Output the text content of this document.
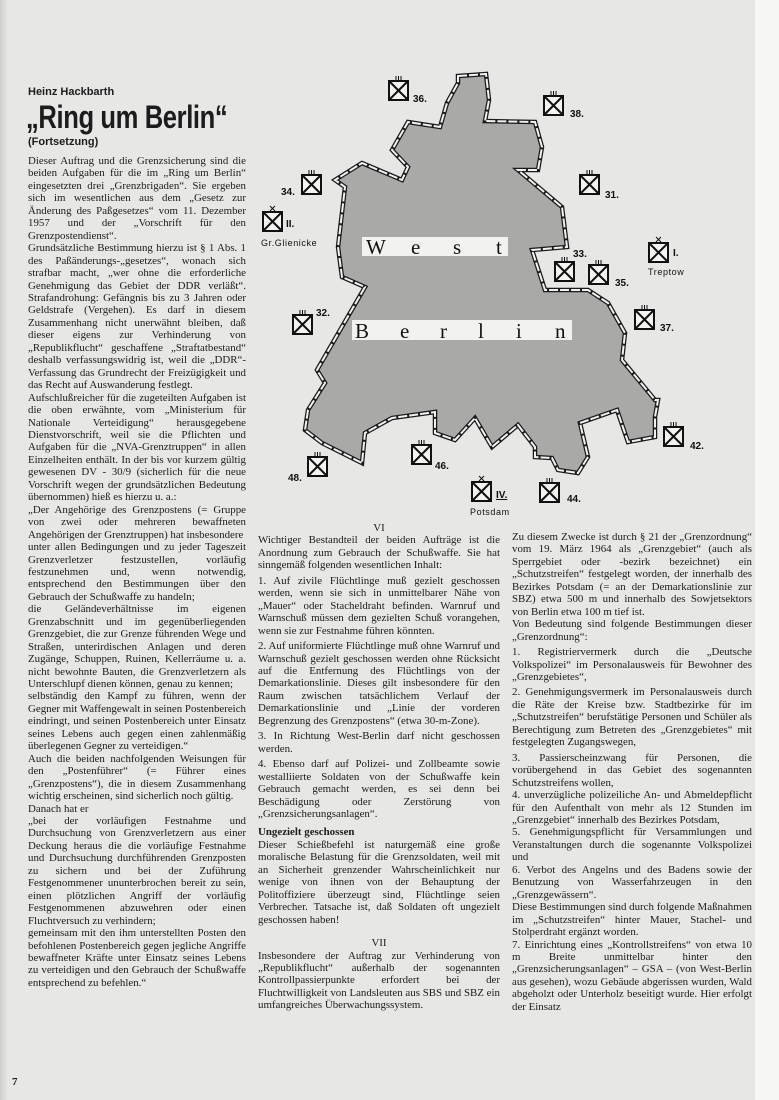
Heinz Hackbarth
„Ring um Berlin“
(Fortsetzung)
W e s t
B e r l i n
36.
38.
34.
II.
Gr.Glienicke
31.
33.
35.
I.
Treptow
37.
32.
42.
48.
46.
IV.	44.
Potsdam

Dieser Auftrag und die Grenzsicherung sind die beiden Aufgaben für die im „Ring um Berlin“ eingesetzten drei „Grenzbrigaden“. Sie ergeben sich im wesentlichen aus dem „Gesetz zur Änderung des Paßgesetzes“ vom 11. Dezember 1957 und der „Vorschrift für den Grenzpostendienst“.

Grundsätzliche Bestimmung hierzu ist § 1 Abs. 1 des Paßänderungs-„gesetzes“, wonach sich strafbar macht, „wer ohne die erforderliche Genehmigung das Gebiet der DDR verläßt“. Strafandrohung: Gefängnis bis zu 3 Jahren oder Geldstrafe (Vergehen). Es darf in diesem Zusammenhang nicht unerwähnt bleiben, daß dieser eigens zur Verhinderung von „Republikflucht“ geschaffene „Straftatbestand“ deshalb verfassungswidrig ist, weil die „DDR“-Verfassung das Grundrecht der Freizügigkeit und das Recht auf Auswanderung festlegt.

Aufschlußreicher für die zugeteilten Aufgaben ist die oben erwähnte, vom „Ministerium für Nationale Verteidigung“ herausgegebene Dienstvorschrift, weil sie die Pflichten und Aufgaben für die „NVA-Grenztruppen“ in allen Einzelheiten enthält. In der bis vor kurzem gültig gewesenen DV - 30/9 (sicherlich für die neue Vorschrift wegen der grundsätzlichen Bedeutung übernommen) hieß es hierzu u. a.:

„Der Angehörige des Grenzpostens (= Gruppe von zwei oder mehreren bewaffneten Angehörigen der Grenztruppen) hat insbesondere

unter allen Bedingungen und zu jeder Tageszeit Grenzverletzer festzustellen, vorläufig festzunehmen und, wenn notwendig, entsprechend den Bestimmungen über den Gebrauch der Schußwaffe zu handeln;

die Geländeverhältnisse im eigenen Grenzabschnitt und im gegenüberliegenden Grenzgebiet, die zur Grenze führenden Wege und Straßen, unterirdischen Anlagen und deren Zugänge, Schuppen, Ruinen, Kellerräume u. a. nicht bewohnte Bauten, die Grenzverletzern als Unterschlupf dienen können, genau zu kennen;

selbständig den Kampf zu führen, wenn der Gegner mit Waffengewalt in seinen Postenbereich eindringt, und seinen Postenbereich unter Einsatz seines Lebens auch gegen einen zahlenmäßig überlegenen Gegner zu verteidigen.“

Auch die beiden nachfolgenden Weisungen für den „Postenführer“ (= Führer eines „Grenzpostens“), die in diesem Zusammenhang wichtig erscheinen, sind sicherlich noch gültig.

Danach hat er

„bei der vorläufigen Festnahme und Durchsuchung von Grenzverletzern aus einer Deckung heraus die die vorläufige Festnahme und Durchsuchung durchführenden Grenzposten zu sichern und bei der Zuführung Festgenommener ununterbrochen bereit zu sein, einen plötzlichen Angriff der vorläufig Festgenommenen abzuwehren oder einen Fluchtversuch zu verhindern;

gemeinsam mit den ihm unterstellten Posten den befohlenen Postenbereich gegen jegliche Angriffe bewaffneter Kräfte unter Einsatz seines Lebens zu verteidigen und den Gebrauch der Schußwaffe entsprechend zu befehlen.“

VI

Wichtiger Bestandteil der beiden Aufträge ist die Anordnung zum Gebrauch der Schußwaffe. Sie hat sinngemäß folgenden wesentlichen Inhalt:

1. Auf zivile Flüchtlinge muß gezielt geschossen werden, wenn sie sich in unmittelbarer Nähe von „Mauer“ oder Stacheldraht befinden. Warnruf und Warnschuß müssen dem gezielten Schuß vorangehen, wenn sie zur Festnahme führen könnten.

2. Auf uniformierte Flüchtlinge muß ohne Warnruf und Warnschuß gezielt geschossen werden ohne Rücksicht auf die Entfernung des Flüchtlings von der Demarkationslinie. Dieses gilt insbesondere für den Raum zwischen tatsächlichem Verlauf der Demarkationslinie und „Linie der vorderen Begrenzung des Grenzpostens“ (etwa 30-m-Zone).

3. In Richtung West-Berlin darf nicht geschossen werden.

4. Ebenso darf auf Polizei- und Zollbeamte sowie westalliierte Soldaten von der Schußwaffe kein Gebrauch gemacht werden, es sei denn bei Beschädigung oder Zerstörung von „Grenzsicherungsanlagen“.

Ungezielt geschossen

Dieser Schießbefehl ist naturgemäß eine große moralische Belastung für die Grenzsoldaten, weil mit an Sicherheit grenzender Wahrscheinlichkeit nur wenige von ihnen von der Behauptung der Politoffiziere überzeugt sind, Flüchtlinge seien Verbrecher. Tatsache ist, daß Soldaten oft ungezielt geschossen haben!

VII

Insbesondere der Auftrag zur Verhinderung von „Republikflucht“ außerhalb der sogenannten Kontrollpassierpunkte erfordert bei der Fluchtwilligkeit von Landsleuten aus SBS und SBZ ein umfangreiches Überwachungssystem.

Zu diesem Zwecke ist durch § 21 der „Grenzordnung“ vom 19. März 1964 als „Grenzgebiet“ (auch als Sperrgebiet oder -bezirk bezeichnet) ein „Schutzstreifen“ festgelegt worden, der innerhalb des Bezirkes Potsdam (= an der Demarkationslinie zur SBZ) etwa 500 m und innerhalb des Sowjetsektors von Berlin etwa 100 m tief ist.

Von Bedeutung sind folgende Bestimmungen dieser „Grenzordnung“:

1. Registriervermerk durch die „Deutsche Volkspolizei“ im Personalausweis für Bewohner des „Grenzgebietes“,

2. Genehmigungsvermerk im Personalausweis durch die Räte der Kreise bzw. Stadtbezirke für im „Schutzstreifen“ berufstätige Personen und Schüler als Berechtigung zum Betreten des „Grenzgebietes“ mit festgelegten Zugangswegen,

3. Passierscheinzwang für Personen, die vorübergehend in das Gebiet des sogenannten Schutzstreifens wollen,

4. unverzügliche polizeiliche An- und Abmeldepflicht für den Aufenthalt von mehr als 12 Stunden im „Grenzgebiet“ innerhalb des Bezirkes Potsdam,

5. Genehmigungspflicht für Versammlungen und Veranstaltungen durch die sogenannte Volkspolizei und

6. Verbot des Angelns und des Badens sowie der Benutzung von Wasserfahrzeugen in den „Grenzgewässern“.

Diese Bestimmungen sind durch folgende Maßnahmen im „Schutzstreifen“ hinter Mauer, Stachel- und Stolperdraht ergänzt worden.

7. Einrichtung eines „Kontrollstreifens“ von etwa 10 m Breite unmittelbar hinter den „Grenzsicherungsanlagen“ – GSA – (von West-Berlin aus gesehen), wozu Gebäude abgerissen wurden, Wald abgeholzt oder Unterholz beseitigt wurde. Hier erfolgt der Einsatz

7
